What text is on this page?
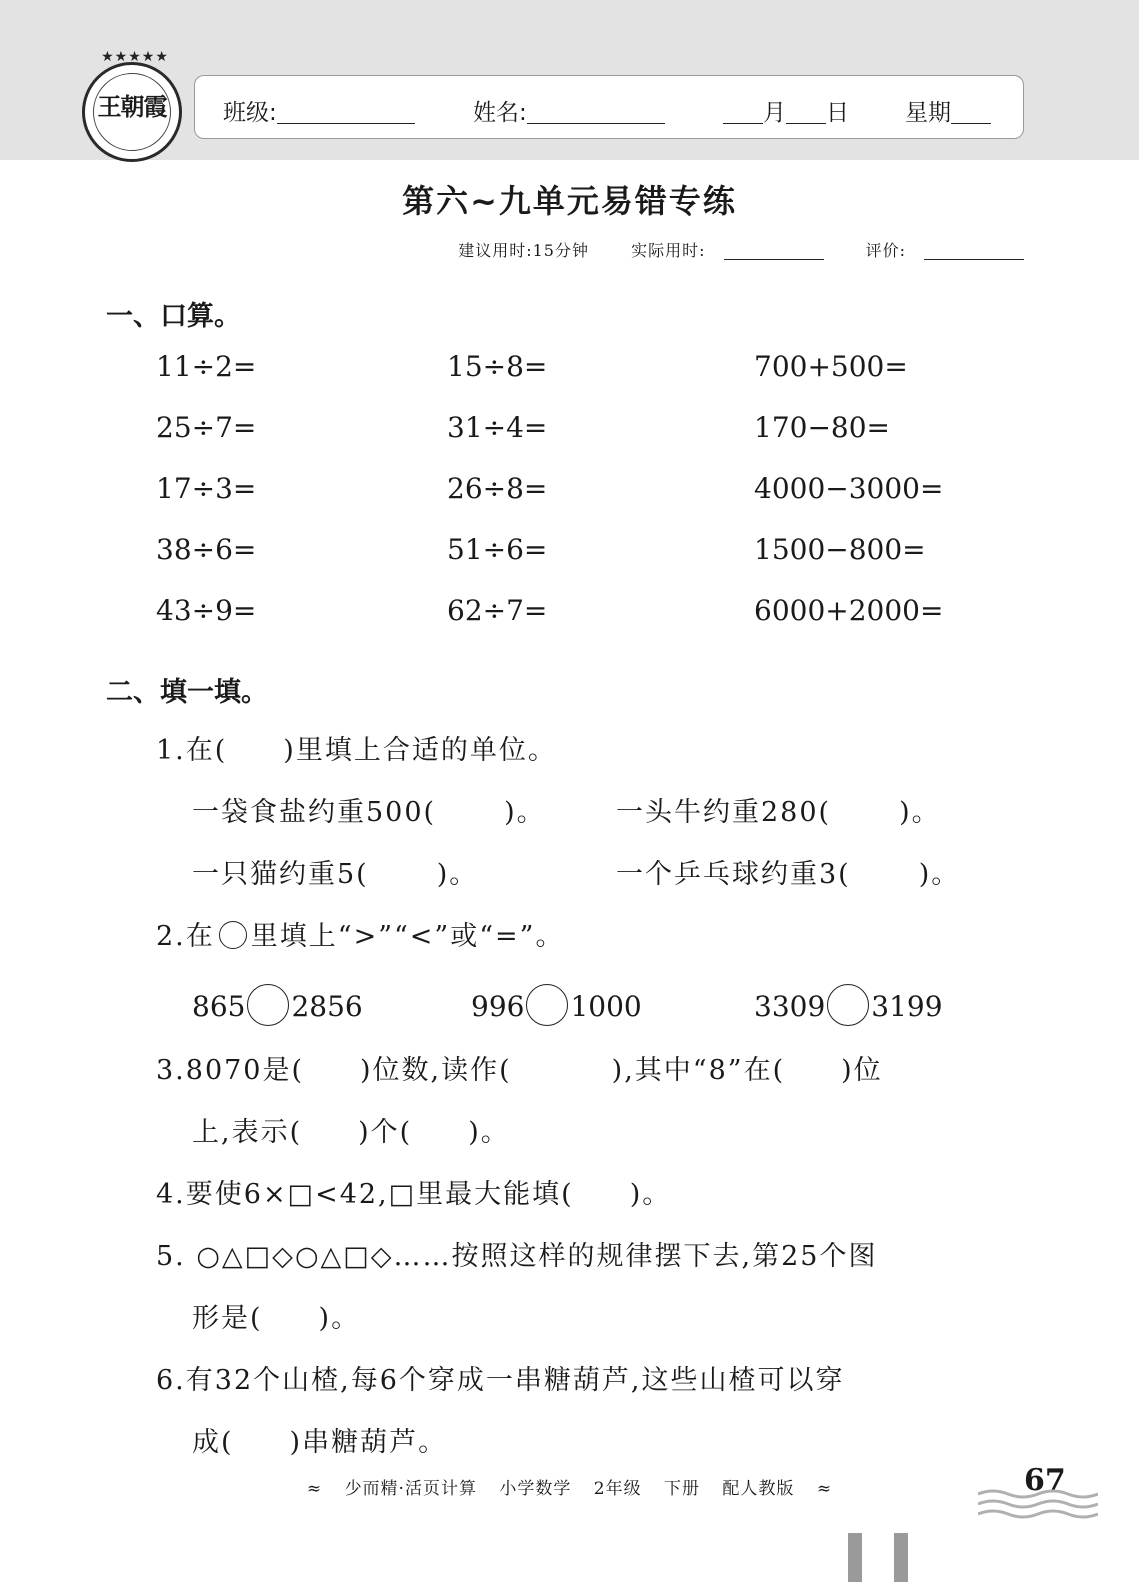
★★★★★
王朝霞	班级:	姓名:	月 日 星期
第六~九单元易错专练
建议用时:15分钟	实际用时:	评价:
一、口算。
11÷2=	15÷8=	700+500=
25÷7=	31÷4=	170−80=
17÷3=	26÷8=	4000−3000=
38÷6=	51÷6=	1500−800=
43÷9=	62÷7=	6000+2000=
二、填一填。
1.在( )里填上合适的单位。
一袋食盐约重500(	)。	一头牛约重280(	)。
一只猫约重5(	)。	一个乒乓球约重3(	)。
2.在 里填上“>”“<”或“=”。
865 2856	996 1000	3309 3199
3.8070是( )位数,读作(	),其中“8”在( )位
上,表示( )个( )。
4.要使6×□<42,□里最大能填( )。
5. ○△□◇○△□◇……按照这样的规律摆下去,第25个图
形是( )。
6.有32个山楂,每6个穿成一串糖葫芦,这些山楂可以穿
成( )串糖葫芦。
≈ 少而精·活页计算 小学数学 2年级 下册 配人教版 ≈	67
